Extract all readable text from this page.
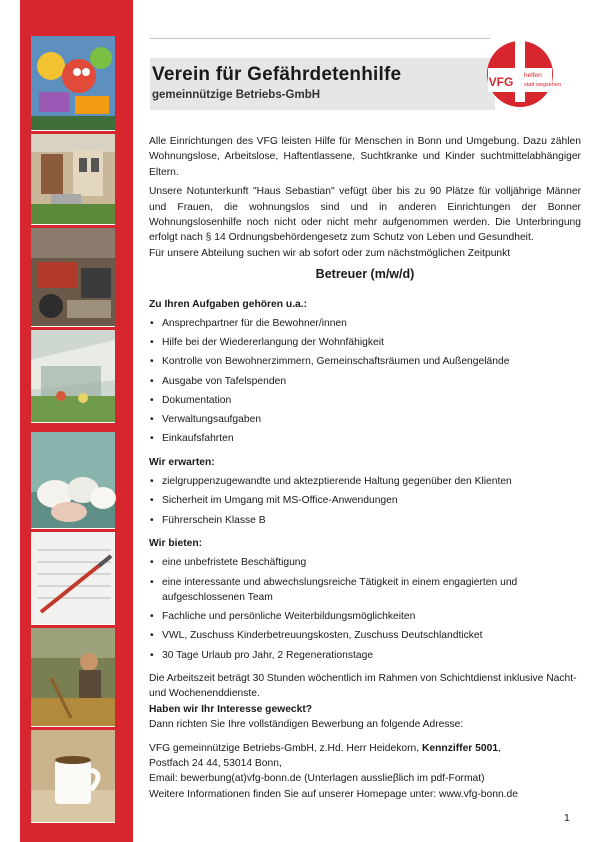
Verein für Gefährdetenhilfe
gemeinnützige Betriebs-GmbH
VFG helfen
statt wegsehen

Alle Einrichtungen des VFG leisten Hilfe für Menschen in Bonn und Umgebung. Dazu zählen Wohnungslose, Arbeitslose, Haftentlassene, Suchtkranke und Kinder suchtmittelabhängiger Eltern.

Unsere Notunterkunft "Haus Sebastian" vefügt über bis zu 90 Plätze für volljährige Männer und Frauen, die wohnungslos sind und in anderen Einrichtungen der Bonner Wohnungslosenhilfe noch nicht oder nicht mehr aufgenommen werden. Die Unterbringung erfolgt nach § 14 Ordnungsbehördengesetz zum Schutz von Leben und Gesundheit.

Für unsere Abteilung suchen wir ab sofort oder zum nächstmöglichen Zeitpunkt

Betreuer (m/w/d)

Zu Ihren Aufgaben gehören u.a.:

• Ansprechpartner für die Bewohner/innen
• Hilfe bei der Wiedererlangung der Wohnfähigkeit
• Kontrolle von Bewohnerzimmern, Gemeinschaftsräumen und Außengelände
• Ausgabe von Tafelspenden
• Dokumentation
• Verwaltungsaufgaben
• Einkaufsfahrten

Wir erwarten:

• zielgruppenzugewandte und aktezptierende Haltung gegenüber den Klienten
• Sicherheit im Umgang mit MS-Office-Anwendungen
• Führerschein Klasse B

Wir bieten:

• eine unbefristete Beschäftigung
• eine interessante und abwechslungsreiche Tätigkeit in einem engagierten und aufgeschlossenen Team
• Fachliche und persönliche Weiterbildungsmöglichkeiten
• VWL, Zuschuss Kinderbetreuungskosten, Zuschuss Deutschlandticket
• 30 Tage Urlaub pro Jahr, 2 Regenerationstage

Die Arbeitszeit beträgt 30 Stunden wöchentlich im Rahmen von Schichtdienst inklusive Nacht- und Wochenenddienste.

Haben wir Ihr Interesse geweckt?

Dann richten Sie Ihre vollständigen Bewerbung an folgende Adresse:

VFG gemeinnützige Betriebs-GmbH, z.Hd. Herr Heidekorn, Kennziffer 5001,

Postfach 24 44, 53014 Bonn,

Email: bewerbung(at)vfg-bonn.de (Unterlagen ausslieβlich im pdf-Format)

Weitere Informationen finden Sie auf unserer Homepage unter: www.vfg-bonn.de

1
